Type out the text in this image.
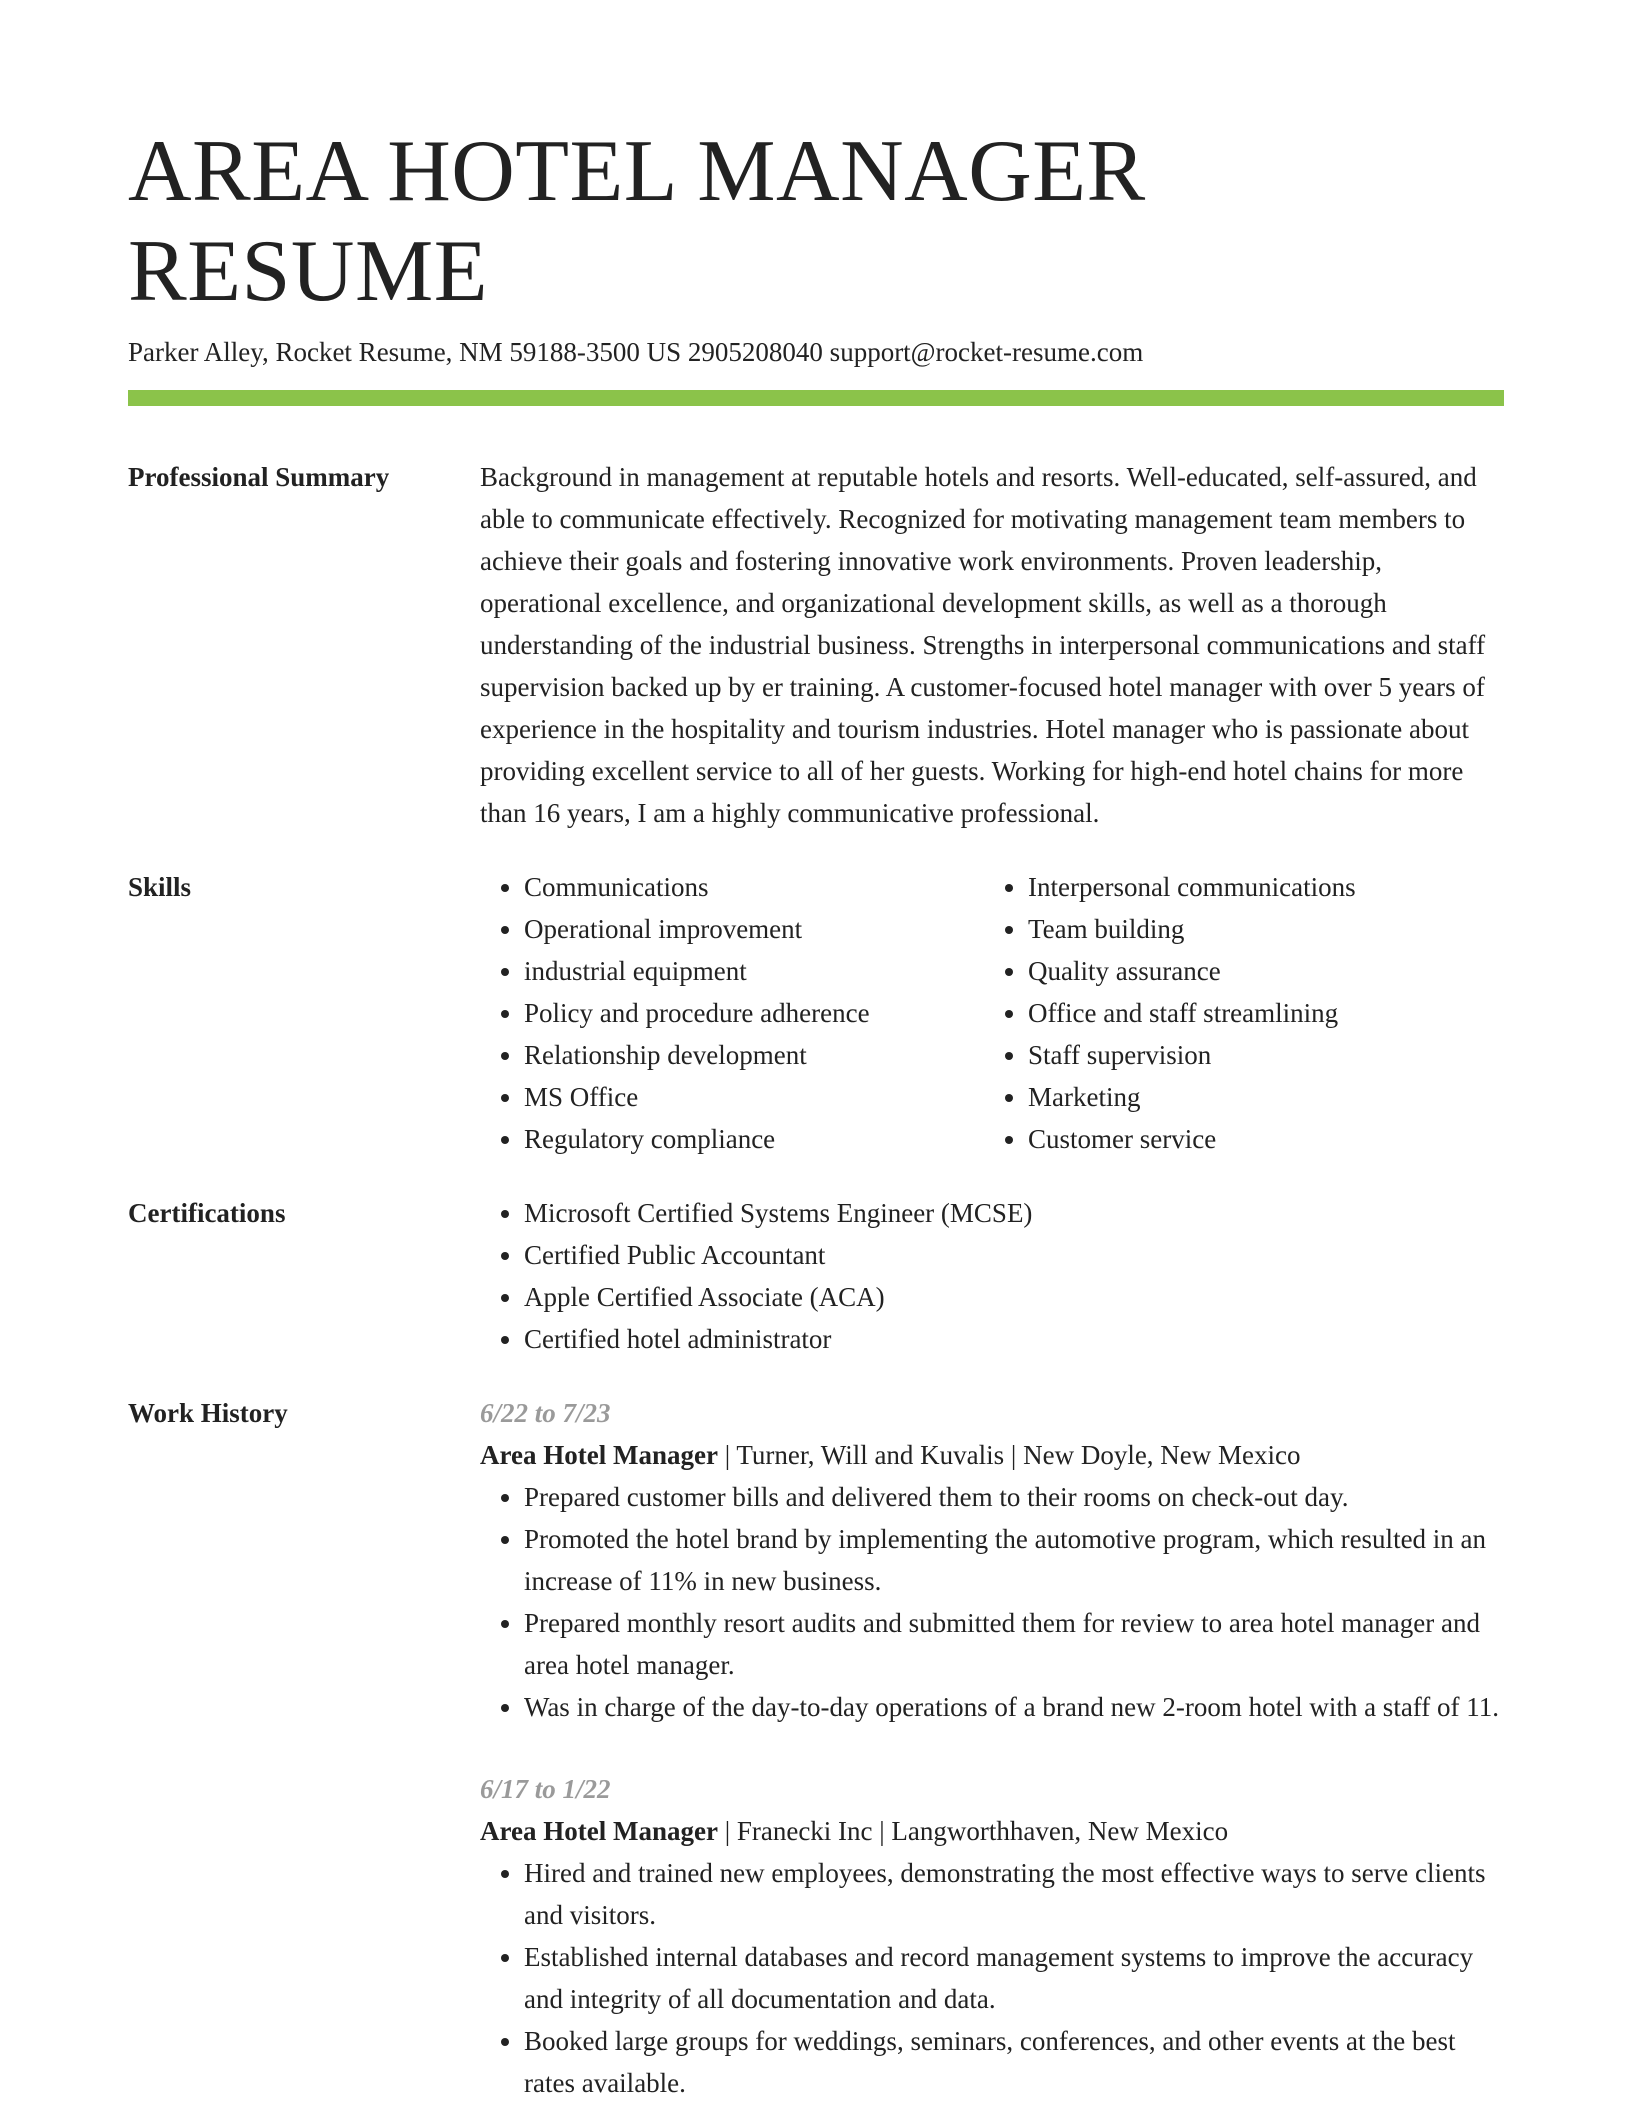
AREA HOTEL MANAGER RESUME
Parker Alley, Rocket Resume, NM 59188-3500 US 2905208040 support@rocket-resume.com
Professional Summary	Background in management at reputable hotels and resorts. Well-educated, self-assured, and able to communicate effectively. Recognized for motivating management team members to achieve their goals and fostering innovative work environments. Proven leadership, operational excellence, and organizational development skills, as well as a thorough understanding of the industrial business. Strengths in interpersonal communications and staff supervision backed up by er training. A customer-focused hotel manager with over 5 years of experience in the hospitality and tourism industries. Hotel manager who is passionate about providing excellent service to all of her guests. Working for high-end hotel chains for more than 16 years, I am a highly communicative professional.
Skills	• Communications
• Operational improvement
• industrial equipment
• Policy and procedure adherence
• Relationship development
• MS Office
• Regulatory compliance
• Interpersonal communications
• Team building
• Quality assurance
• Office and staff streamlining
• Staff supervision
• Marketing
• Customer service
Certifications	• Microsoft Certified Systems Engineer (MCSE)
• Certified Public Accountant
• Apple Certified Associate (ACA)
• Certified hotel administrator
Work History	6/22 to 7/23
Area Hotel Manager | Turner, Will and Kuvalis | New Doyle, New Mexico
• Prepared customer bills and delivered them to their rooms on check-out day.
• Promoted the hotel brand by implementing the automotive program, which resulted in an increase of 11% in new business.
• Prepared monthly resort audits and submitted them for review to area hotel manager and area hotel manager.
• Was in charge of the day-to-day operations of a brand new 2-room hotel with a staff of 11.
6/17 to 1/22
Area Hotel Manager | Franecki Inc | Langworthhaven, New Mexico
• Hired and trained new employees, demonstrating the most effective ways to serve clients and visitors.
• Established internal databases and record management systems to improve the accuracy and integrity of all documentation and data.
• Booked large groups for weddings, seminars, conferences, and other events at the best rates available.
